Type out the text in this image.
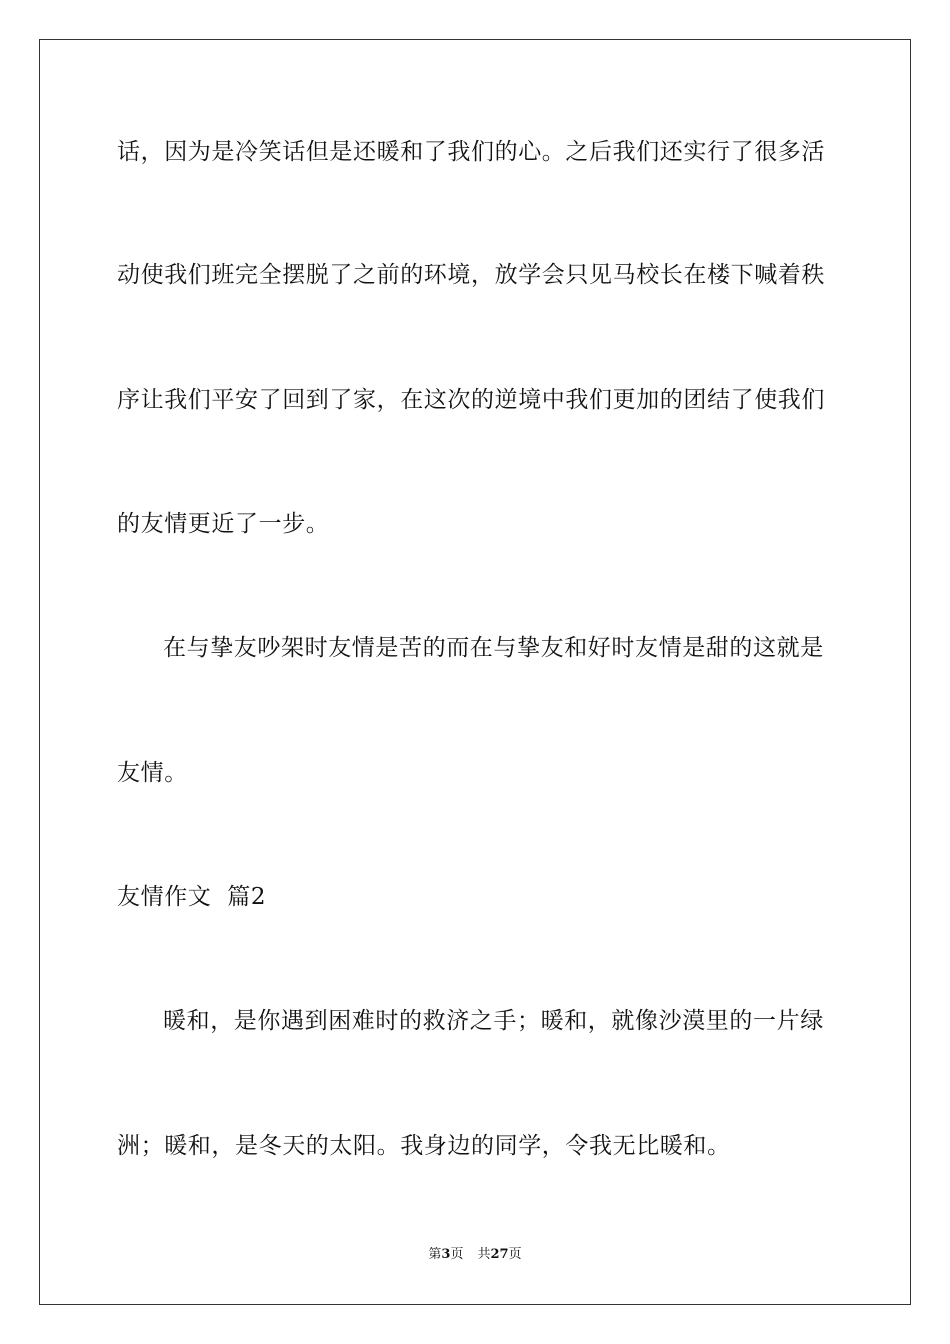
话，因为是冷笑话但是还暖和了我们的心。之后我们还实行了很多活
动使我们班完全摆脱了之前的环境，放学会只见马校长在楼下喊着秩
序让我们平安了回到了家，在这次的逆境中我们更加的团结了使我们
的友情更近了一步。
在与挚友吵架时友情是苦的而在与挚友和好时友情是甜的这就是
友情。
友情作文  篇2
暖和，是你遇到困难时的救济之手；暖和，就像沙漠里的一片绿
洲；暖和，是冬天的太阳。我身边的同学，令我无比暖和。
第3页 共27页
